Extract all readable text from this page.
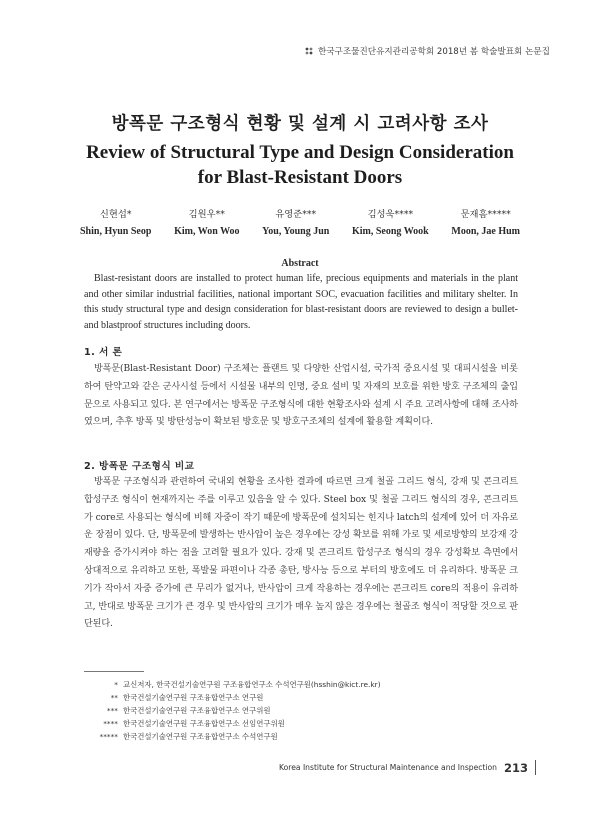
한국구조물진단유지관리공학회 2018년 봄 학술발표회 논문집
방폭문 구조형식 현황 및 설계 시 고려사항 조사
Review of Structural Type and Design Consideration
for Blast-Resistant Doors
신현섭*
Shin, Hyun Seop
김원우**
Kim, Won Woo
유영준***
You, Young Jun
김성욱****
Kim, Seong Wook
문재흠*****
Moon, Jae Hum
Abstract

Blast-resistant doors are installed to protect human life, precious equipments and materials in the plant and other similar industrial facilities, national important SOC, evacuation facilities and military shelter. In this study structural type and design consideration for blast-resistant doors are reviewed to design a bullet- and blastproof structures including doors.

1. 서 론

방폭문(Blast-Resistant Door) 구조체는 플랜트 및 다양한 산업시설, 국가적 중요시설 및 대피시설을 비롯하여 탄약고와 같은 군사시설 등에서 시설물 내부의 인명, 중요 설비 및 자재의 보호를 위한 방호 구조체의 출입문으로 사용되고 있다. 본 연구에서는 방폭문 구조형식에 대한 현황조사와 설계 시 주요 고려사항에 대해 조사하였으며, 추후 방폭 및 방탄성능이 확보된 방호문 및 방호구조체의 설계에 활용할 계획이다.

2. 방폭문 구조형식 비교

방폭문 구조형식과 관련하여 국내외 현황을 조사한 결과에 따르면 크게 철골 그리드 형식, 강재 및 콘크리트 합성구조 형식이 현재까지는 주를 이루고 있음을 알 수 있다. Steel box 및 철골 그리드 형식의 경우, 콘크리트가 core로 사용되는 형식에 비해 자중이 작기 때문에 방폭문에 설치되는 힌지나 latch의 설계에 있어 더 자유로운 장점이 있다. 단, 방폭문에 발생하는 반사압이 높은 경우에는 강성 확보를 위해 가로 및 세로방향의 보강재 강재량을 증가시켜야 하는 점을 고려할 필요가 있다. 강재 및 콘크리트 합성구조 형식의 경우 강성확보 측면에서 상대적으로 유리하고 또한, 폭발물 파편이나 각종 총탄, 방사능 등으로 부터의 방호에도 더 유리하다. 방폭문 크기가 작아서 자중 증가에 큰 무리가 없거나, 반사압이 크게 작용하는 경우에는 콘크리트 core의 적용이 유리하고, 반대로 방폭문 크기가 큰 경우 및 반사압의 크기가 매우 높지 않은 경우에는 철골조 형식이 적당할 것으로 판단된다.

* 교신저자, 한국건설기술연구원 구조융합연구소 수석연구원(hsshin@kict.re.kr)
** 한국건설기술연구원 구조융합연구소 연구원
*** 한국건설기술연구원 구조융합연구소 연구위원
**** 한국건설기술연구원 구조융합연구소 선임연구위원
***** 한국건설기술연구원 구조융합연구소 수석연구원
Korea Institute for Structural Maintenance and Inspection 213
